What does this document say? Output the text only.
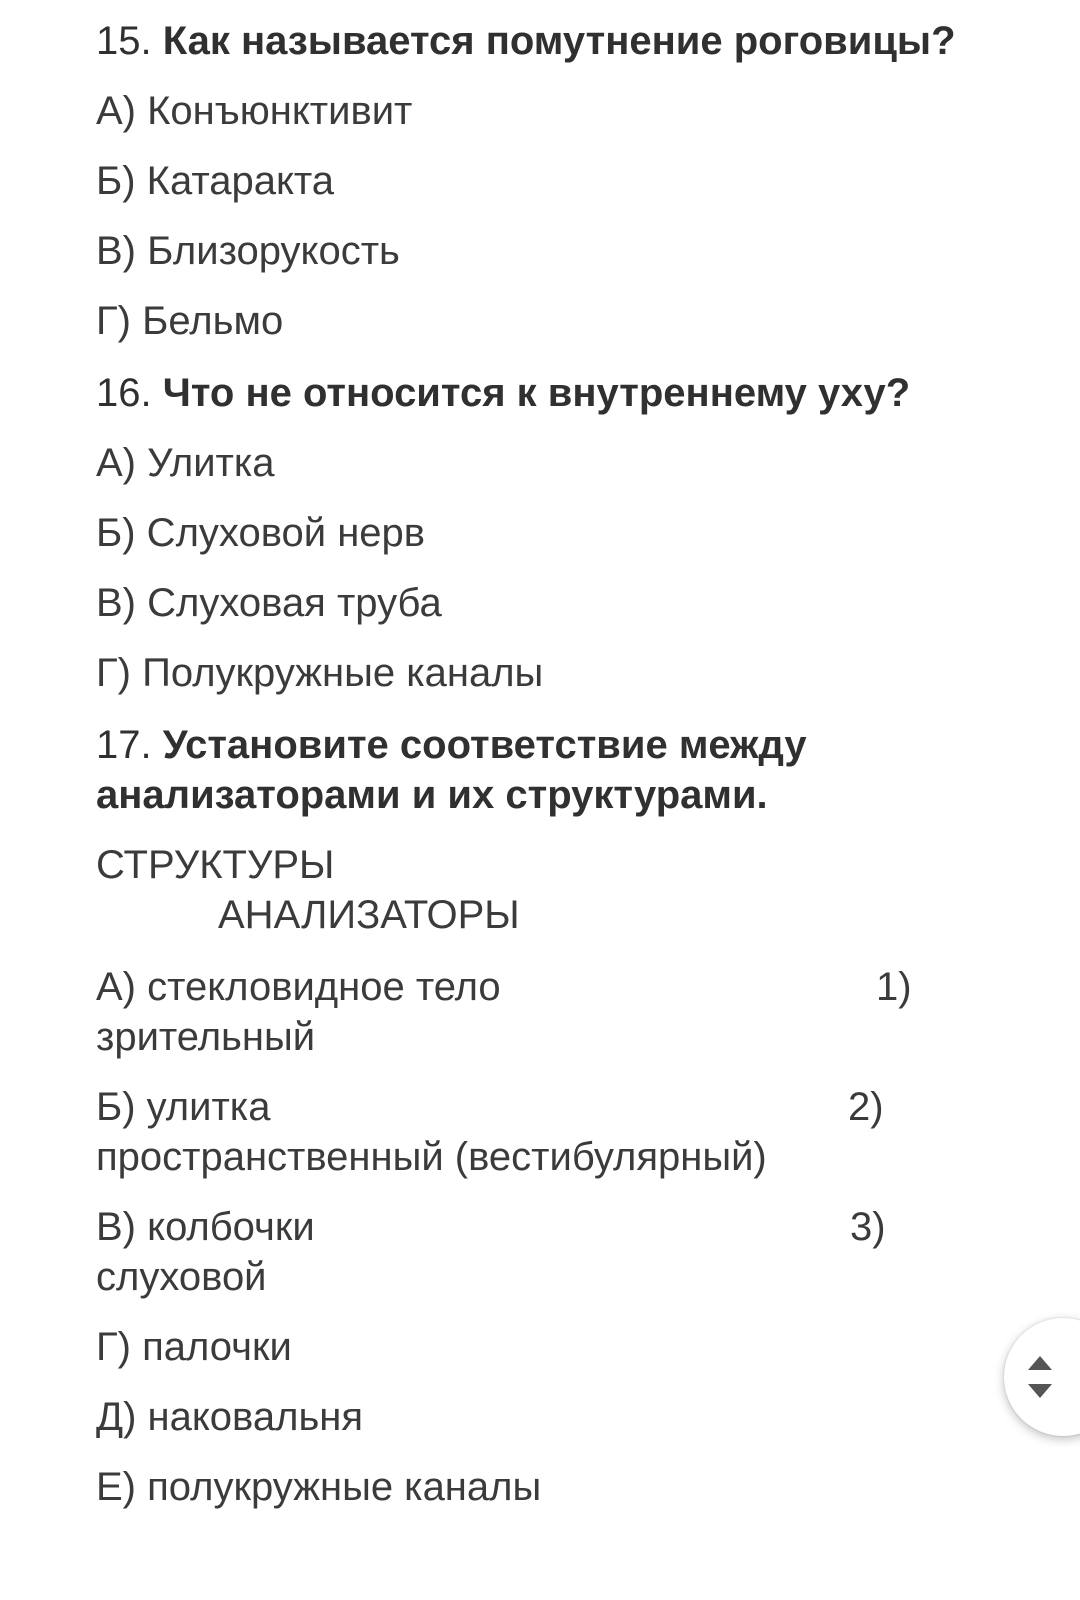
15. Как называется помутнение роговицы?
А) Конъюнктивит
Б) Катаракта
В) Близорукость
Г) Бельмо
16. Что не относится к внутреннему уху?
А) Улитка
Б) Слуховой нерв
В) Слуховая труба
Г) Полукружные каналы
17. Установите соответствие между
анализаторами и их структурами.
СТРУКТУРЫ
АНАЛИЗАТОРЫ
А) стекловидное тело	1)
зрительный
Б) улитка	2)
пространственный (вестибулярный)
В) колбочки	3)
слуховой
Г) палочки
Д) наковальня
Е) полукружные каналы
